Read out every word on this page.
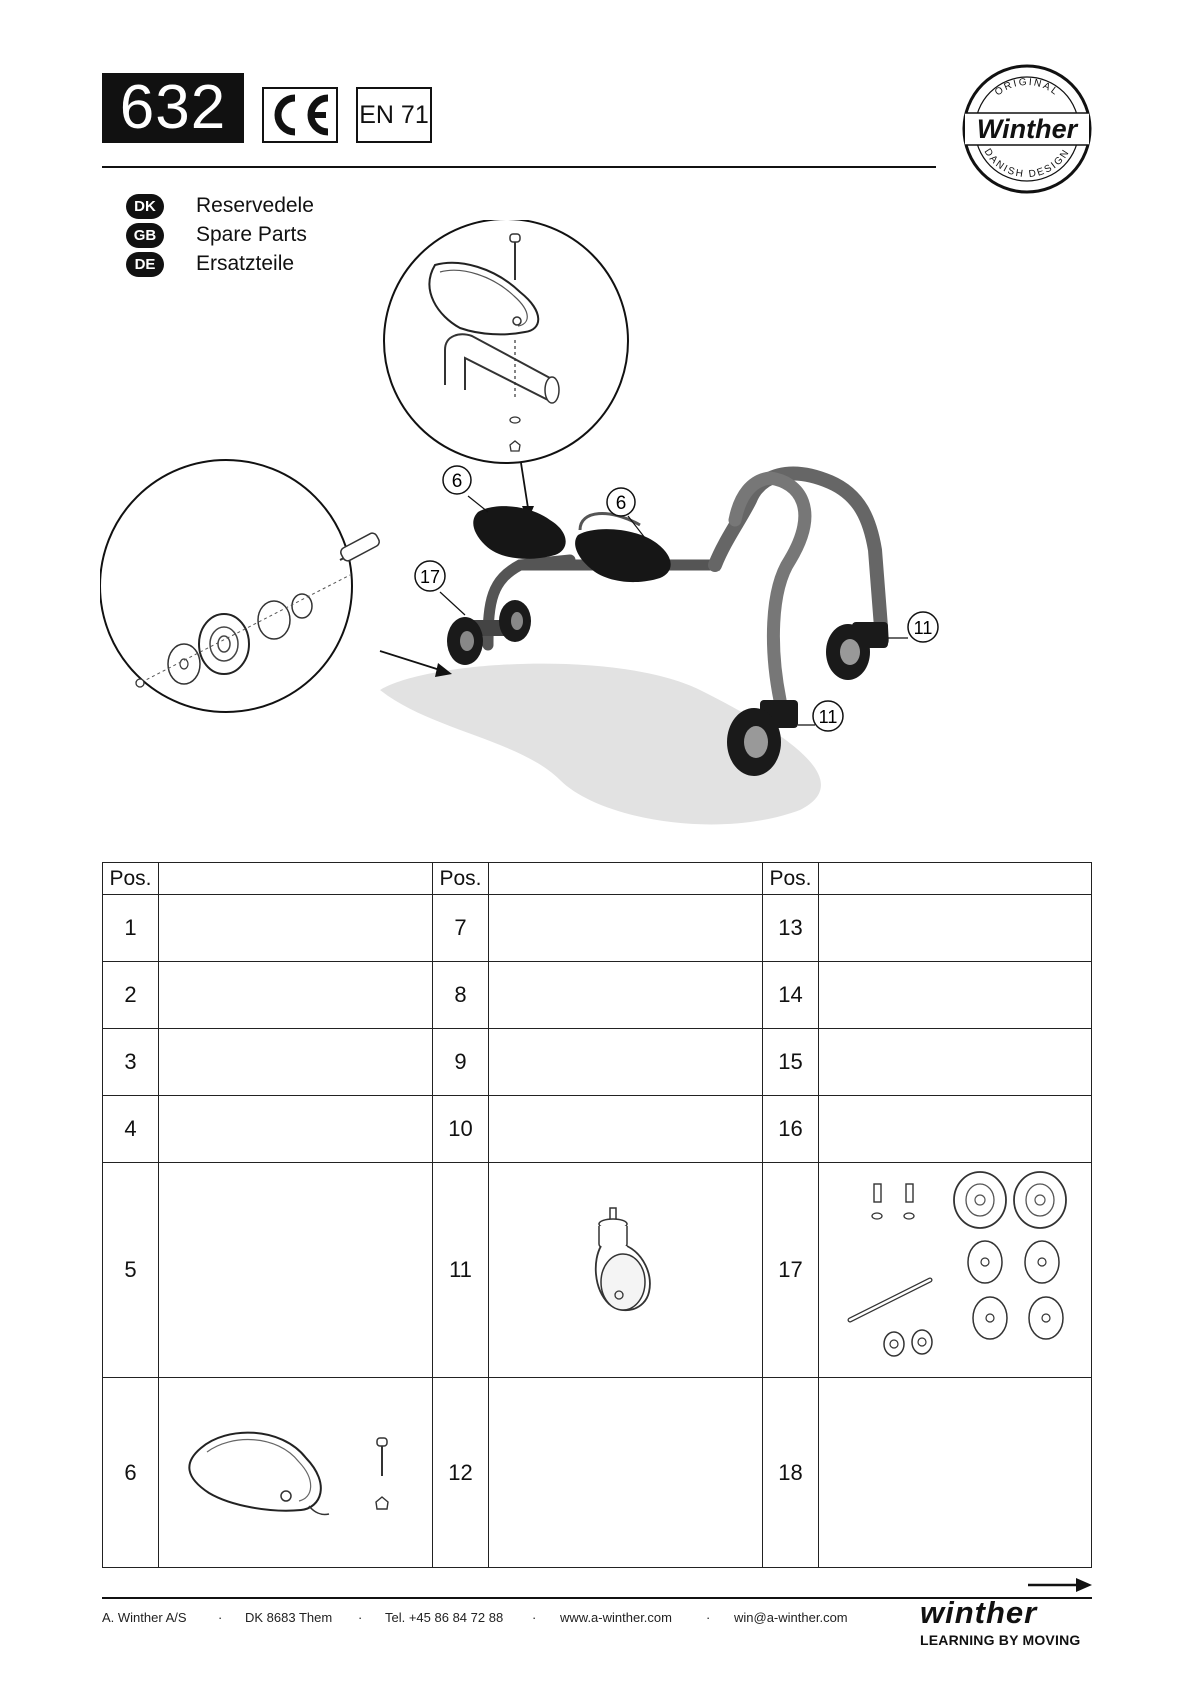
632	EN 71
ORIGINAL
DANISH DESIGN
Winther
DK	Reservedele
GB	Spare Parts
DE	Ersatzteile
6
6
17
11
11
Pos.		Pos.		Pos.	
1		7		13	
2		8		14	
3		9		15	
4		10		16	
5		11		17	

6		12		18	
A. Winther A/S · DK 8683 Them · Tel. +45 86 84 72 88 · www.a-winther.com	· win@a-winther.com winther
LEARNING BY MOVING
